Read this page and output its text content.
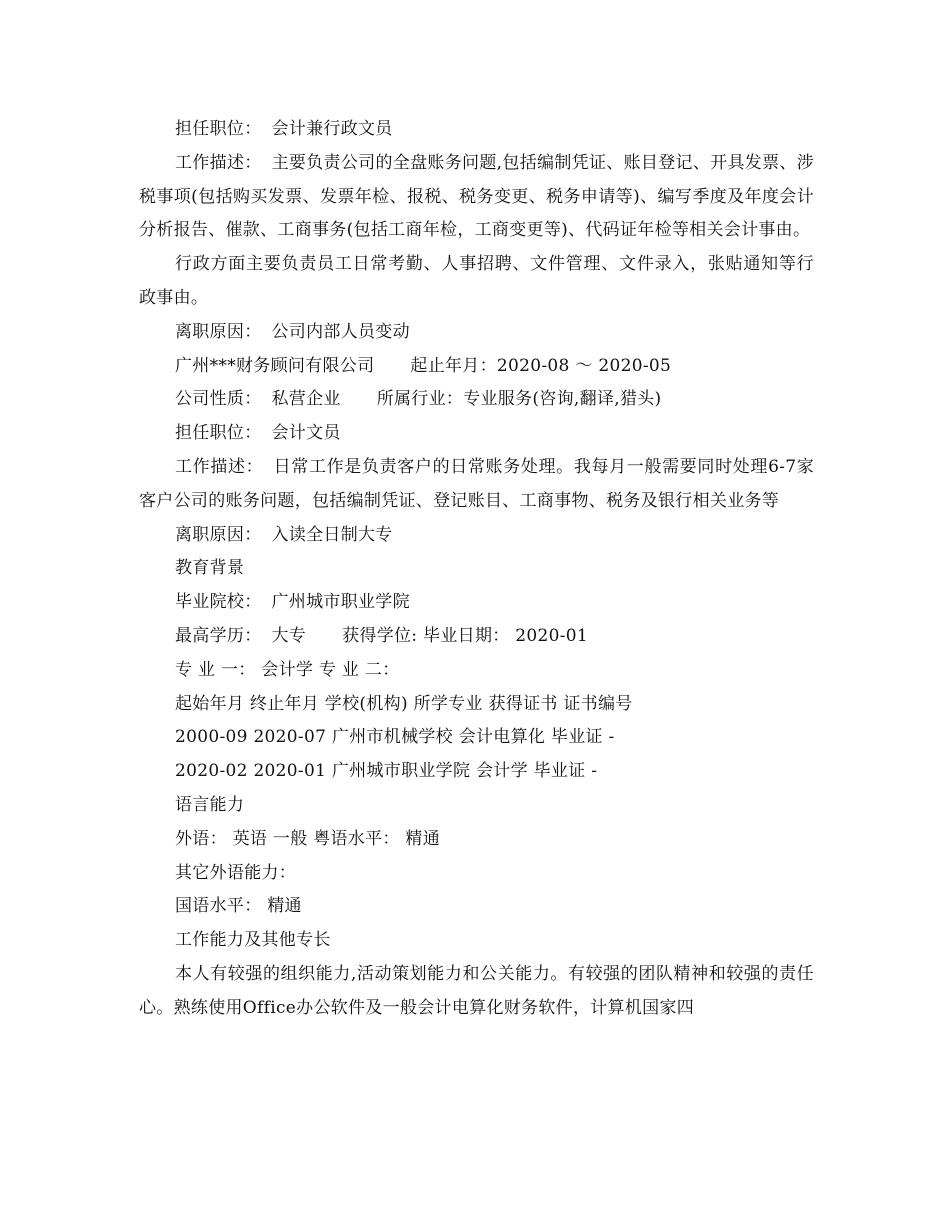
担任职位： 会计兼行政文员

工作描述： 主要负责公司的全盘账务问题,包括编制凭证、账目登记、开具发票、涉税事项(包括购买发票、发票年检、报税、税务变更、税务申请等)、编写季度及年度会计分析报告、催款、工商事务(包括工商年检，工商变更等)、代码证年检等相关会计事由。

行政方面主要负责员工日常考勤、人事招聘、文件管理、文件录入，张贴通知等行政事由。

离职原因： 公司内部人员变动

广州***财务顾问有限公司 起止年月：2020-08 ～ 2020-05

公司性质： 私营企业 所属行业：专业服务(咨询,翻译,猎头)

担任职位： 会计文员

工作描述： 日常工作是负责客户的日常账务处理。我每月一般需要同时处理6-7家客户公司的账务问题，包括编制凭证、登记账目、工商事物、税务及银行相关业务等

离职原因： 入读全日制大专

教育背景

毕业院校： 广州城市职业学院

最高学历： 大专 获得学位: 毕业日期： 2020-01

专 业 一： 会计学 专 业 二：

起始年月 终止年月 学校(机构) 所学专业 获得证书 证书编号

2000-09 2020-07 广州市机械学校 会计电算化 毕业证 -

2020-02 2020-01 广州城市职业学院 会计学 毕业证 -

语言能力

外语： 英语 一般 粤语水平： 精通

其它外语能力：

国语水平： 精通

工作能力及其他专长

本人有较强的组织能力,活动策划能力和公关能力。有较强的团队精神和较强的责任心。熟练使用Office办公软件及一般会计电算化财务软件，计算机国家四
